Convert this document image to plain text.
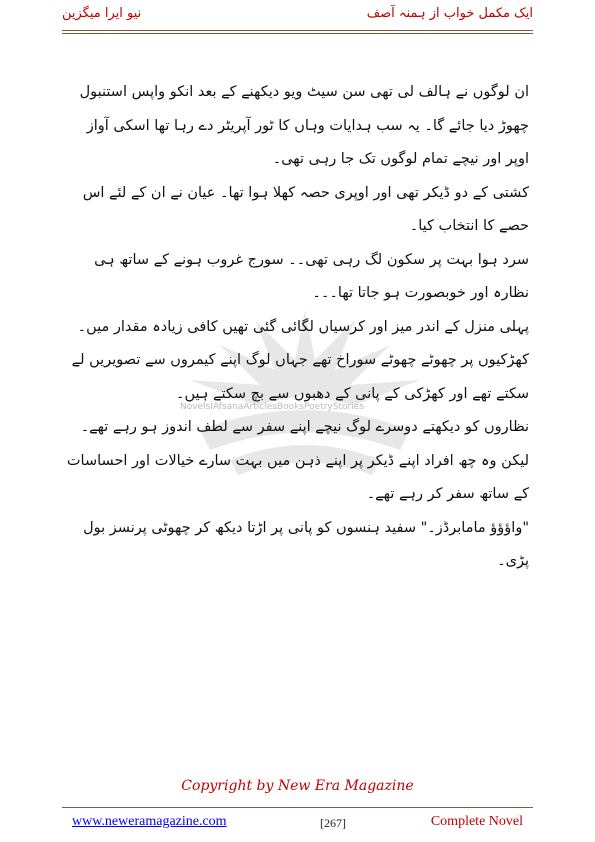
نیو ایرا میگزین	ایک مکمل خواب از ہمنہ آصف
NovelsIAfsanaArticlesBooksPoetryStories

ان لوگوں نے ہالف لی تھی سن سیٹ ویو دیکھنے کے بعد انکو واپس استنبول چھوڑ دیا جائے گا۔ یہ سب ہدایات وہاں کا ٹور آپریٹر دے رہا تھا اسکی آواز اوپر اور نیچے تمام لوگوں تک جا رہی تھی۔

کشتی کے دو ڈیکر تھی اور اوپری حصہ کھلا ہوا تھا۔ عیان نے ان کے لئے اس حصے کا انتخاب کیا۔

سرد ہوا بہت پر سکون لگ رہی تھی۔۔ سورج غروب ہونے کے ساتھ ہی نظارہ اور خوبصورت ہو جاتا تھا۔۔۔

پہلی منزل کے اندر میز اور کرسیاں لگائی گئی تھیں کافی زیادہ مقدار میں۔ کھڑکیوں پر چھوٹے چھوٹے سوراخ تھے جہاں لوگ اپنے کیمروں سے تصویریں لے سکتے تھے اور کھڑکی کے پانی کے دھبوں سے بچ سکتے ہیں۔

نظاروں کو دیکھتے دوسرے لوگ نیچے اپنے سفر سے لطف اندوز ہو رہے تھے۔ لیکن وہ چھ افراد اپنے ڈیکر پر اپنے ذہن میں بہت سارے خیالات اور احساسات کے ساتھ سفر کر رہے تھے۔

"واؤؤؤ مامابرڈز۔" سفید ہنسوں کو پانی پر اڑتا دیکھ کر چھوٹی پرنسز بول پڑی۔

Copyright by New Era Magazine
www.neweramagazine.com	[267]	Complete Novel
